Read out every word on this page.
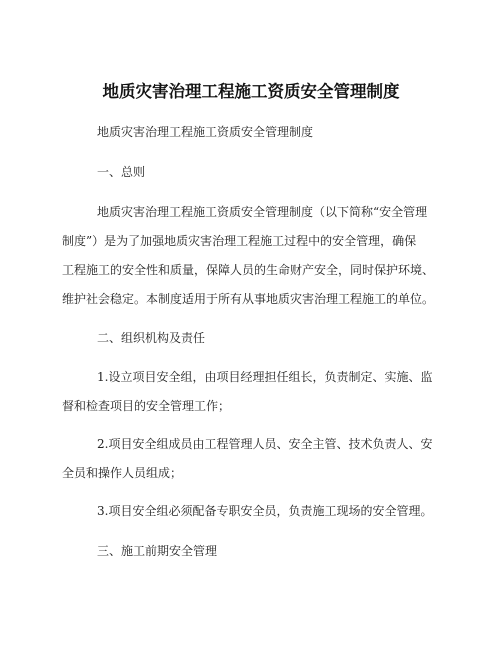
地质灾害治理工程施工资质安全管理制度

地质灾害治理工程施工资质安全管理制度

一、总则

地质灾害治理工程施工资质安全管理制度（以下简称“安全管理

制度”）是为了加强地质灾害治理工程施工过程中的安全管理，确保

工程施工的安全性和质量，保障人员的生命财产安全，同时保护环境、

维护社会稳定。本制度适用于所有从事地质灾害治理工程施工的单位。

二、组织机构及责任

1.设立项目安全组，由项目经理担任组长，负责制定、实施、监

督和检查项目的安全管理工作；

2.项目安全组成员由工程管理人员、安全主管、技术负责人、安

全员和操作人员组成；

3.项目安全组必须配备专职安全员，负责施工现场的安全管理。

三、施工前期安全管理
